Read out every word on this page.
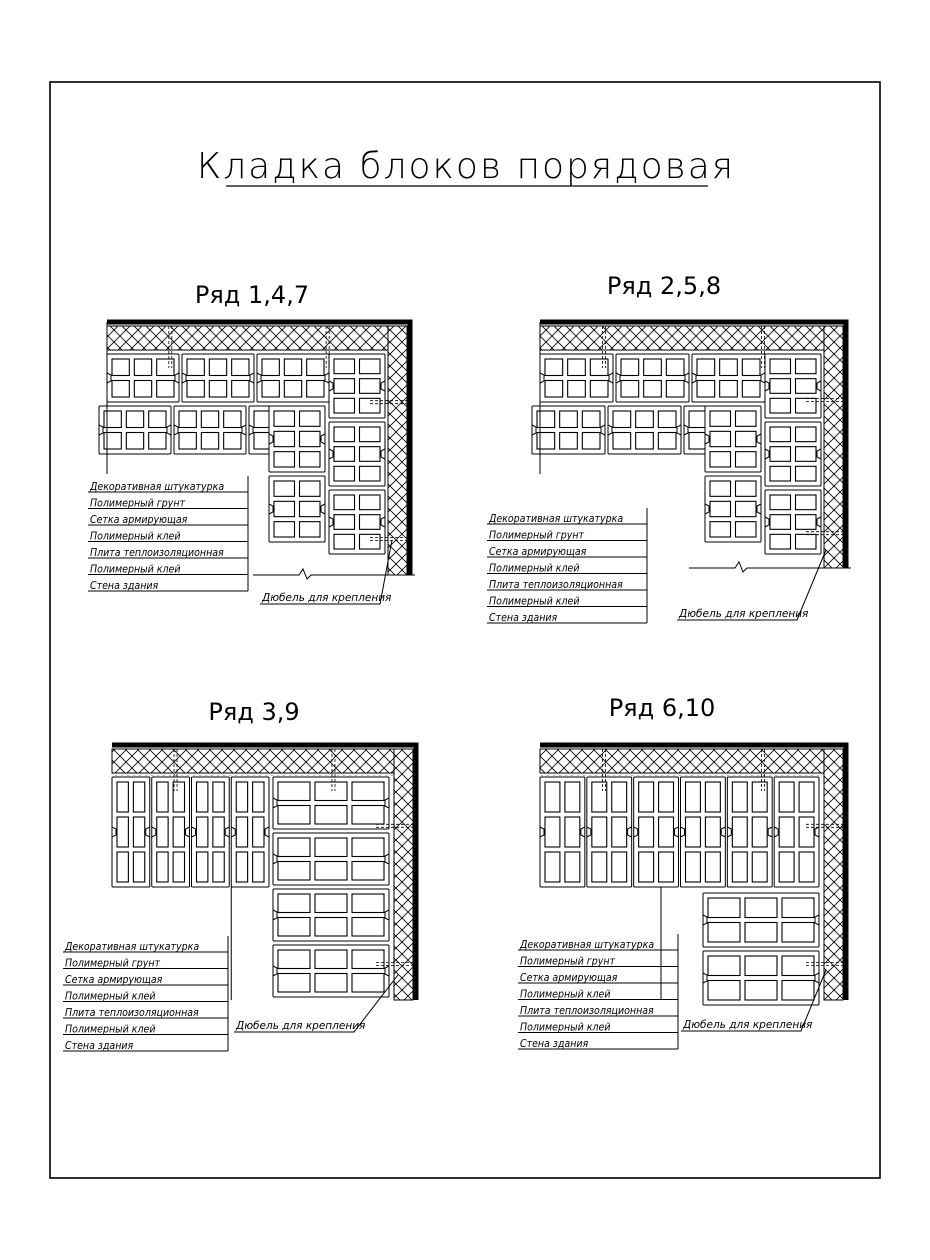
Кладка блоков порядовая
Ряд 1,4,7
Декоративная штукатурка
Полимерный грунт
Сетка армирующая
Полимерный клей
Плита теплоизоляционная
Полимерный клей
Стена здания
Дюбель для крепления
Ряд 2,5,8
Декоративная штукатурка
Полимерный грунт
Сетка армирующая
Полимерный клей
Плита теплоизоляционная
Полимерный клей
Стена здания	Дюбель для крепления
Ряд 3,9
Декоративная штукатурка
Полимерный грунт
Сетка армирующая
Полимерный клей
Плита теплоизоляционная
Полимерный клей
Стена здания
Дюбель для крепления
Ряд 6,10
Декоративная штукатурка
Полимерный грунт
Сетка армирующая
Полимерный клей
Плита теплоизоляционная
Полимерный клей
Стена здания
Дюбель для крепления
